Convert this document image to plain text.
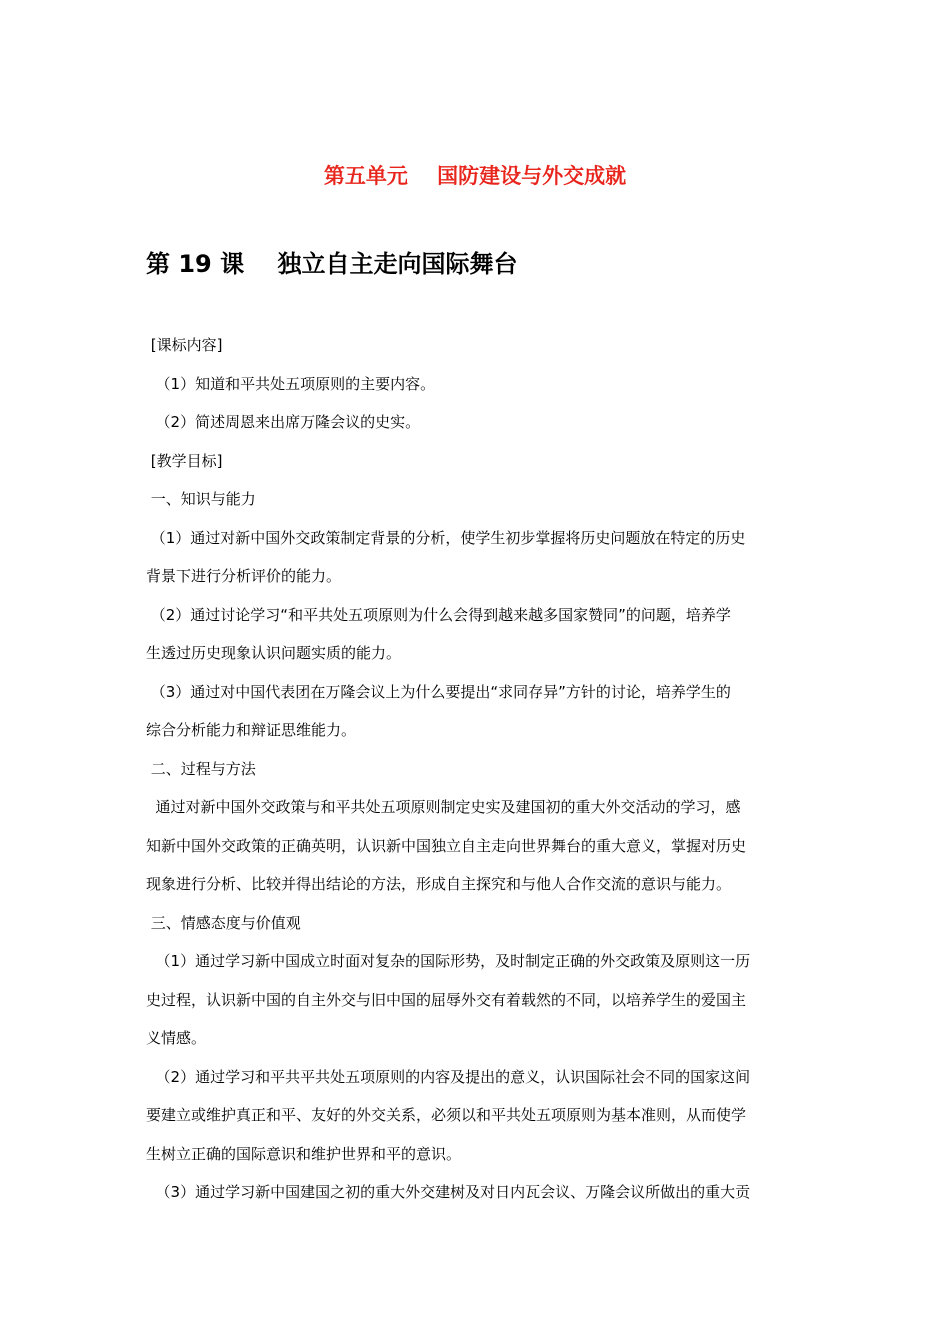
第五单元    国防建设与外交成就
第 19 课    独立自主走向国际舞台
[课标内容]
（1）知道和平共处五项原则的主要内容。
（2）简述周恩来出席万隆会议的史实。
[教学目标]
一、知识与能力
（1）通过对新中国外交政策制定背景的分析，使学生初步掌握将历史问题放在特定的历史
背景下进行分析评价的能力。
（2）通过讨论学习“和平共处五项原则为什么会得到越来越多国家赞同”的问题，培养学
生透过历史现象认识问题实质的能力。
（3）通过对中国代表团在万隆会议上为什么要提出“求同存异”方针的讨论，培养学生的
综合分析能力和辩证思维能力。
二、过程与方法
通过对新中国外交政策与和平共处五项原则制定史实及建国初的重大外交活动的学习，感
知新中国外交政策的正确英明，认识新中国独立自主走向世界舞台的重大意义，掌握对历史
现象进行分析、比较并得出结论的方法，形成自主探究和与他人合作交流的意识与能力。
三、情感态度与价值观
（1）通过学习新中国成立时面对复杂的国际形势，及时制定正确的外交政策及原则这一历
史过程，认识新中国的自主外交与旧中国的屈辱外交有着载然的不同，以培养学生的爱国主
义情感。
（2）通过学习和平共平共处五项原则的内容及提出的意义，认识国际社会不同的国家这间
要建立或维护真正和平、友好的外交关系，必须以和平共处五项原则为基本准则，从而使学
生树立正确的国际意识和维护世界和平的意识。
（3）通过学习新中国建国之初的重大外交建树及对日内瓦会议、万隆会议所做出的重大贡
